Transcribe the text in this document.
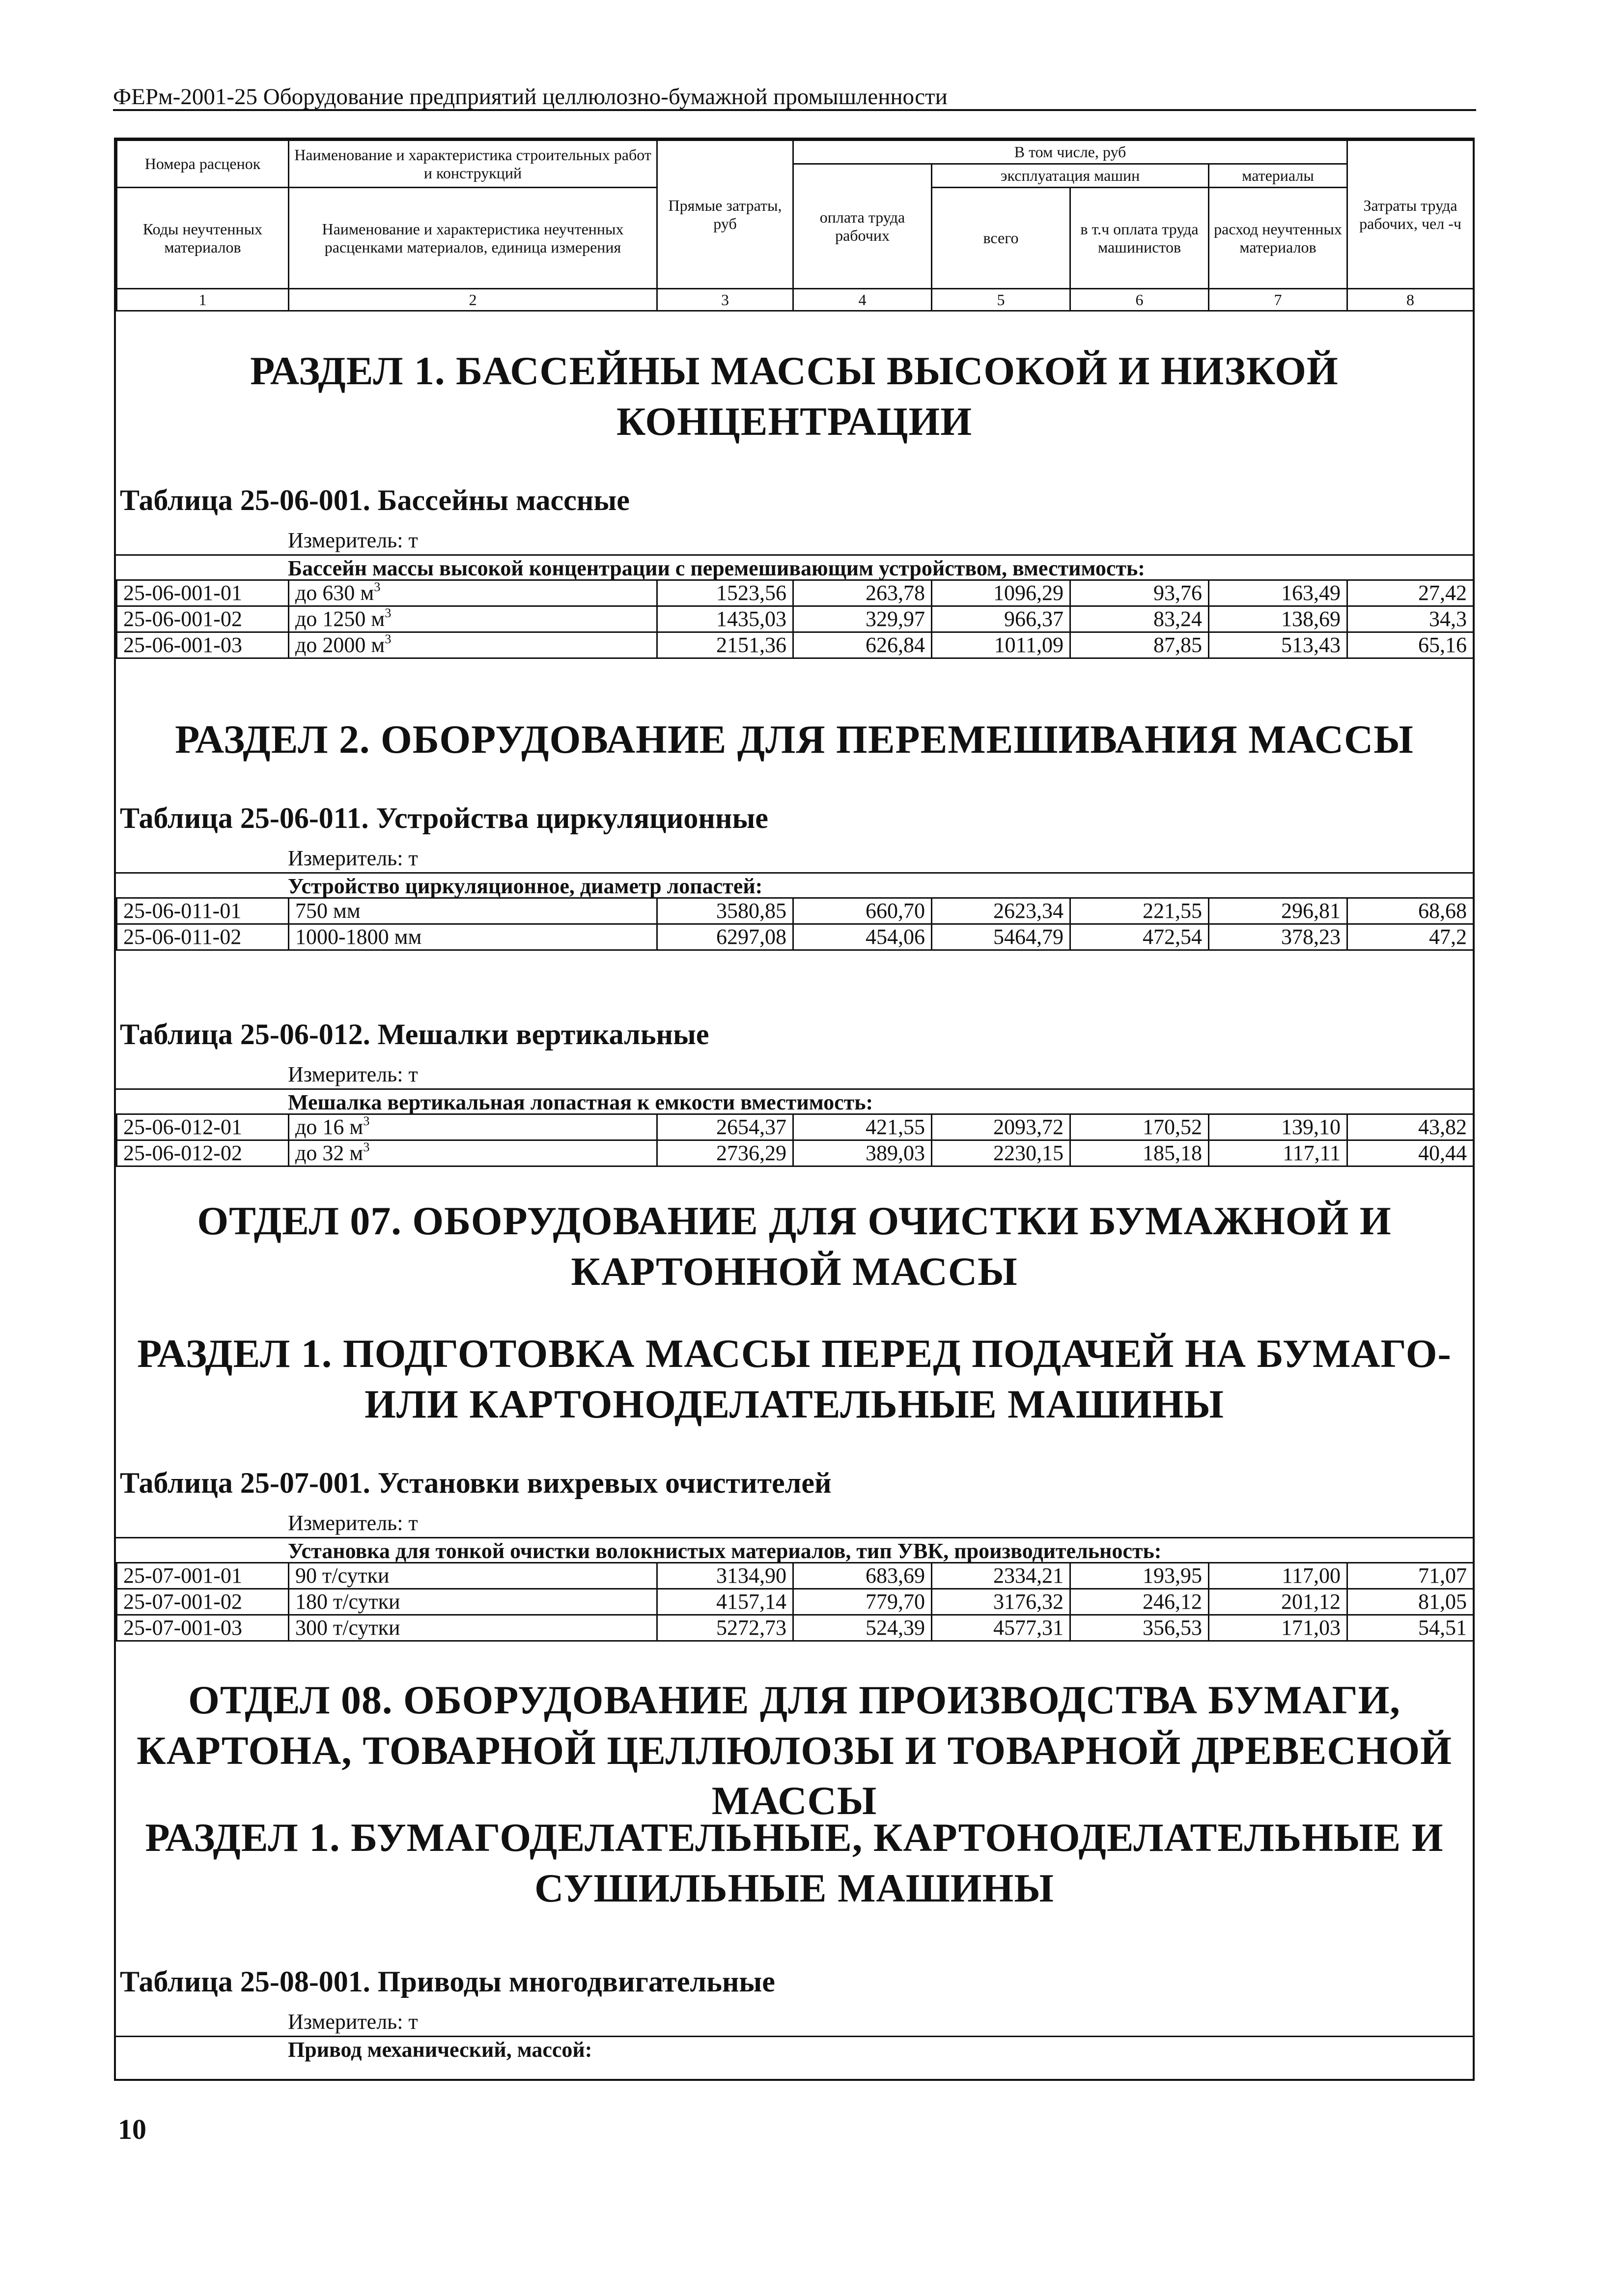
ФЕРм-2001-25 Оборудование предприятий целлюлозно-бумажной промышленности
Номера расценок	Наименование и характеристика строительных работ и конструкций	Прямые затраты, руб	В том числе, руб				Затраты труда рабочих, чел -ч
			оплата труда рабочих	эксплуатация машин		материалы	
Коды неучтенных материалов	Наименование и характеристика неучтенных расценками материалов, единица измерения			всего	в т.ч оплата труда машинистов	расход неучтенных материалов	
1	2	3	4	5	6	7	8
РАЗДЕЛ 1. БАССЕЙНЫ МАССЫ ВЫСОКОЙ И НИЗКОЙ КОНЦЕНТРАЦИИ
Таблица 25-06-001. Бассейны массные
Измеритель: т
Бассейн массы высокой концентрации с перемешивающим устройством, вместимость:
25-06-001-01	до 630 $м^3$	1523,56	263,78	1096,29	93,76	163,49	27,42
25-06-001-02	до 1250 $м^3$	1435,03	329,97	966,37	83,24	138,69	34,3
25-06-001-03	до 2000 $м^3$	2151,36	626,84	1011,09	87,85	513,43	65,16
РАЗДЕЛ 2. ОБОРУДОВАНИЕ ДЛЯ ПЕРЕМЕШИВАНИЯ МАССЫ
Таблица 25-06-011. Устройства циркуляционные
Измеритель: т
Устройство циркуляционное, диаметр лопастей:
25-06-011-01	750 мм	3580,85	660,70	2623,34	221,55	296,81	68,68
25-06-011-02	1000-1800 мм	6297,08	454,06	5464,79	472,54	378,23	47,2
Таблица 25-06-012. Мешалки вертикальные
Измеритель: т
Мешалка вертикальная лопастная к емкости вместимость:
25-06-012-01	до 16 $м^3$	2654,37	421,55	2093,72	170,52	139,10	43,82
25-06-012-02	до 32 $м^3$	2736,29	389,03	2230,15	185,18	117,11	40,44
ОТДЕЛ 07. ОБОРУДОВАНИЕ ДЛЯ ОЧИСТКИ БУМАЖНОЙ И КАРТОННОЙ МАССЫ
РАЗДЕЛ 1. ПОДГОТОВКА МАССЫ ПЕРЕД ПОДАЧЕЙ НА БУМАГО- ИЛИ КАРТОНОДЕЛАТЕЛЬНЫЕ МАШИНЫ
Таблица 25-07-001. Установки вихревых очистителей
Измеритель: т
Установка для тонкой очистки волокнистых материалов, тип УВК, производительность:
25-07-001-01	90 т/сутки	3134,90	683,69	2334,21	193,95	117,00	71,07
25-07-001-02	180 т/сутки	4157,14	779,70	3176,32	246,12	201,12	81,05
25-07-001-03	300 т/сутки	5272,73	524,39	4577,31	356,53	171,03	54,51
ОТДЕЛ 08. ОБОРУДОВАНИЕ ДЛЯ ПРОИЗВОДСТВА БУМАГИ, КАРТОНА, ТОВАРНОЙ ЦЕЛЛЮЛОЗЫ И ТОВАРНОЙ ДРЕВЕСНОЙ МАССЫ
РАЗДЕЛ 1. БУМАГОДЕЛАТЕЛЬНЫЕ, КАРТОНОДЕЛАТЕЛЬНЫЕ И СУШИЛЬНЫЕ МАШИНЫ
Таблица 25-08-001. Приводы многодвигательные
Измеритель: т
Привод механический, массой:
10
